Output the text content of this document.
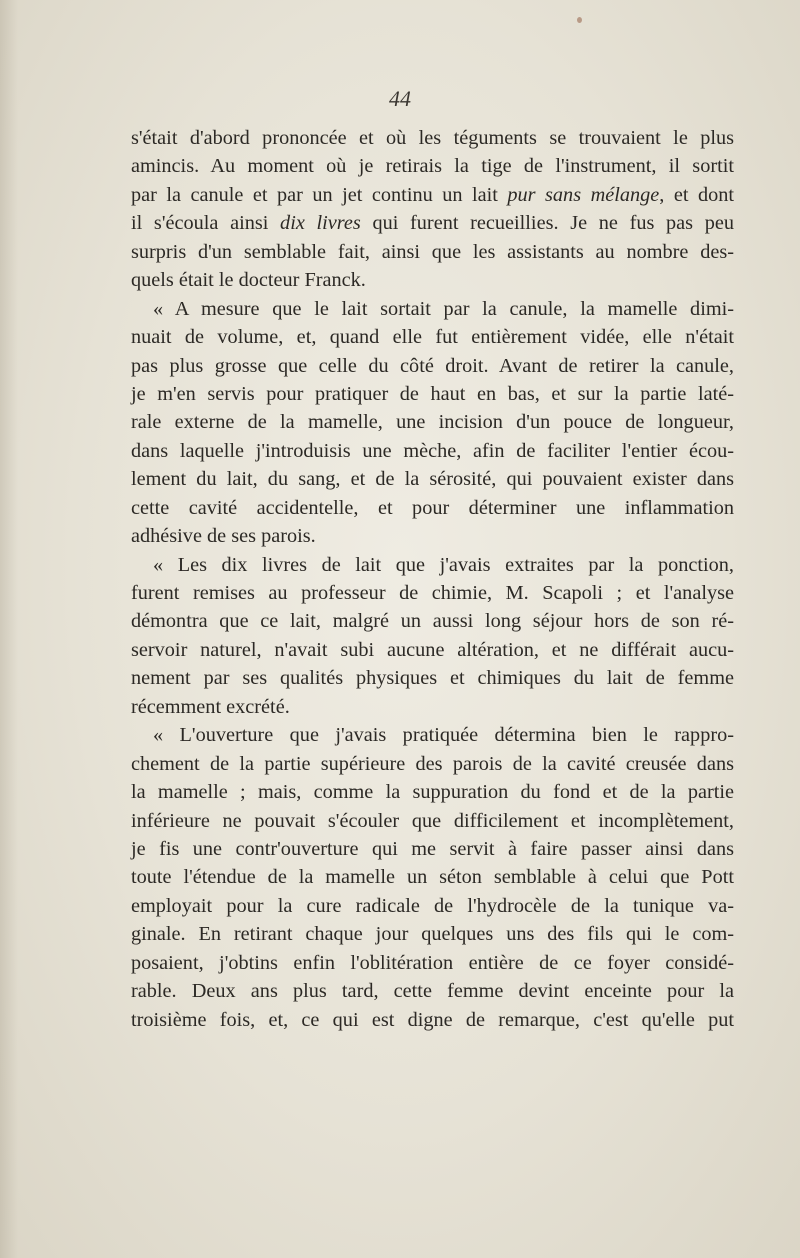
44

s'était d'abord prononcée et où les téguments se trouvaient le plus
amincis. Au moment où je retirais la tige de l'instrument, il sortit
par la canule et par un jet continu un lait pur sans mélange, et dont
il s'écoula ainsi dix livres qui furent recueillies. Je ne fus pas peu
surpris d'un semblable fait, ainsi que les assistants au nombre des-
quels était le docteur Franck.

« A mesure que le lait sortait par la canule, la mamelle dimi-
nuait de volume, et, quand elle fut entièrement vidée, elle n'était
pas plus grosse que celle du côté droit. Avant de retirer la canule,
je m'en servis pour pratiquer de haut en bas, et sur la partie laté-
rale externe de la mamelle, une incision d'un pouce de longueur,
dans laquelle j'introduisis une mèche, afin de faciliter l'entier écou-
lement du lait, du sang, et de la sérosité, qui pouvaient exister dans
cette cavité accidentelle, et pour déterminer une inflammation
adhésive de ses parois.

« Les dix livres de lait que j'avais extraites par la ponction,
furent remises au professeur de chimie, M. Scapoli ; et l'analyse
démontra que ce lait, malgré un aussi long séjour hors de son ré-
servoir naturel, n'avait subi aucune altération, et ne différait aucu-
nement par ses qualités physiques et chimiques du lait de femme
récemment excrété.

« L'ouverture que j'avais pratiquée détermina bien le rappro-
chement de la partie supérieure des parois de la cavité creusée dans
la mamelle ; mais, comme la suppuration du fond et de la partie
inférieure ne pouvait s'écouler que difficilement et incomplètement,
je fis une contr'ouverture qui me servit à faire passer ainsi dans
toute l'étendue de la mamelle un séton semblable à celui que Pott
employait pour la cure radicale de l'hydrocèle de la tunique va-
ginale. En retirant chaque jour quelques uns des fils qui le com-
posaient, j'obtins enfin l'oblitération entière de ce foyer considé-
rable. Deux ans plus tard, cette femme devint enceinte pour la
troisième fois, et, ce qui est digne de remarque, c'est qu'elle put
